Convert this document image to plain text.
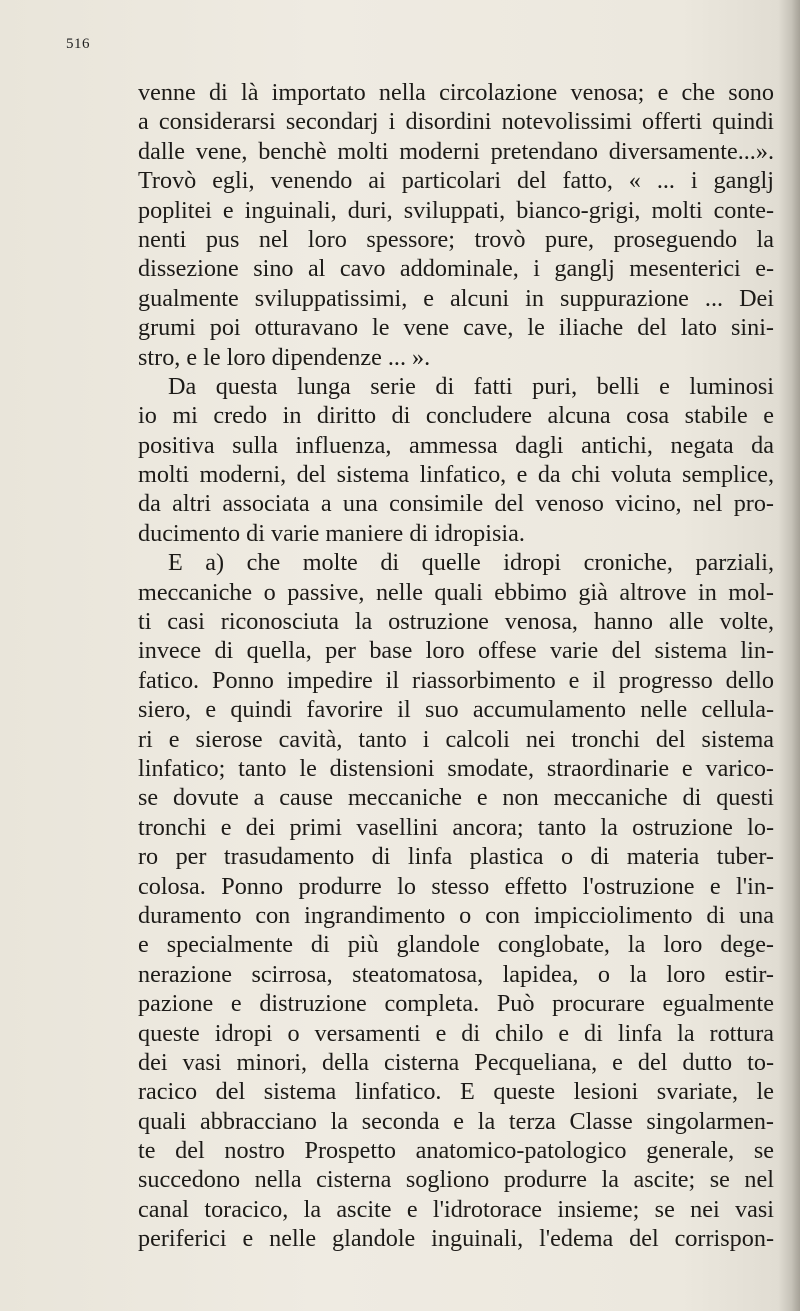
516
venne di là importato nella circolazione venosa; e che sono
a considerarsi secondarj i disordini notevolissimi offerti quindi
dalle vene, benchè molti moderni pretendano diversamente...».
Trovò egli, venendo ai particolari del fatto, « ... i ganglj
poplitei e inguinali, duri, sviluppati, bianco-grigi, molti conte-
nenti pus nel loro spessore; trovò pure, proseguendo la
dissezione sino al cavo addominale, i ganglj mesenterici e-
gualmente sviluppatissimi, e alcuni in suppurazione ... Dei
grumi poi otturavano le vene cave, le iliache del lato sini-
stro, e le loro dipendenze ... ».
Da questa lunga serie di fatti puri, belli e luminosi
io mi credo in diritto di concludere alcuna cosa stabile e
positiva sulla influenza, ammessa dagli antichi, negata da
molti moderni, del sistema linfatico, e da chi voluta semplice,
da altri associata a una consimile del venoso vicino, nel pro-
ducimento di varie maniere di idropisia.
E a) che molte di quelle idropi croniche, parziali,
meccaniche o passive, nelle quali ebbimo già altrove in mol-
ti casi riconosciuta la ostruzione venosa, hanno alle volte,
invece di quella, per base loro offese varie del sistema lin-
fatico. Ponno impedire il riassorbimento e il progresso dello
siero, e quindi favorire il suo accumulamento nelle cellula-
ri e sierose cavità, tanto i calcoli nei tronchi del sistema
linfatico; tanto le distensioni smodate, straordinarie e varico-
se dovute a cause meccaniche e non meccaniche di questi
tronchi e dei primi vasellini ancora; tanto la ostruzione lo-
ro per trasudamento di linfa plastica o di materia tuber-
colosa. Ponno produrre lo stesso effetto l'ostruzione e l'in-
duramento con ingrandimento o con impicciolimento di una
e specialmente di più glandole conglobate, la loro dege-
nerazione scirrosa, steatomatosa, lapidea, o la loro estir-
pazione e distruzione completa. Può procurare egualmente
queste idropi o versamenti e di chilo e di linfa la rottura
dei vasi minori, della cisterna Pecqueliana, e del dutto to-
racico del sistema linfatico. E queste lesioni svariate, le
quali abbracciano la seconda e la terza Classe singolarmen-
te del nostro Prospetto anatomico-patologico generale, se
succedono nella cisterna sogliono produrre la ascite; se nel
canal toracico, la ascite e l'idrotorace insieme; se nei vasi
periferici e nelle glandole inguinali, l'edema del corrispon-
